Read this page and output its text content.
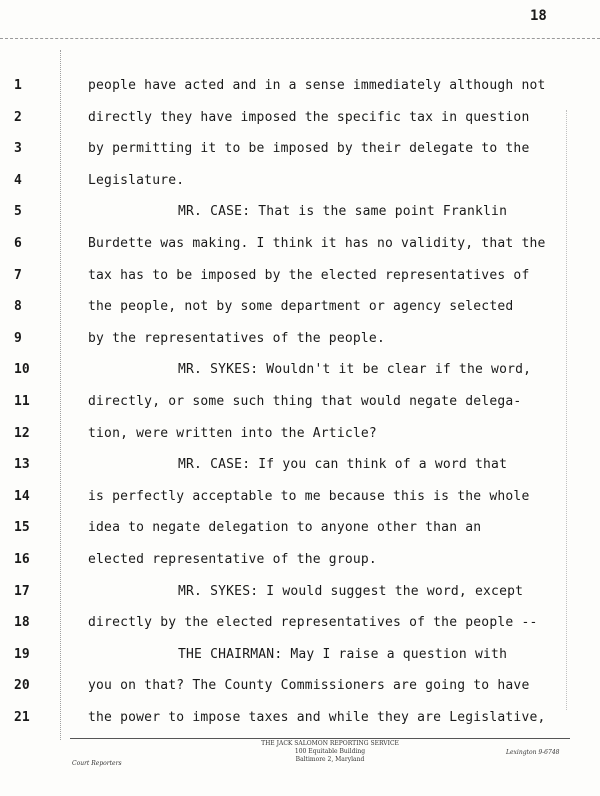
18
1	people have acted and in a sense immediately although not
2	directly they have imposed the specific tax in question
3	by permitting it to be imposed by their delegate to the
4	Legislature.
5	MR. CASE: That is the same point Franklin
6	Burdette was making. I think it has no validity, that the
7	tax has to be imposed by the elected representatives of
8	the people, not by some department or agency selected
9	by the representatives of the people.
10	MR. SYKES: Wouldn't it be clear if the word,
11	directly, or some such thing that would negate delega-
12	tion, were written into the Article?
13	MR. CASE: If you can think of a word that
14	is perfectly acceptable to me because this is the whole
15	idea to negate delegation to anyone other than an
16	elected representative of the group.
17	MR. SYKES: I would suggest the word, except
18	directly by the elected representatives of the people --
19	THE CHAIRMAN: May I raise a question with
20	you on that? The County Commissioners are going to have
21	the power to impose taxes and while they are Legislative,
THE JACK SALOMON REPORTING SERVICE
100 Equitable Building
Baltimore 2, Maryland
Court Reporters
Lexington 9-6748
